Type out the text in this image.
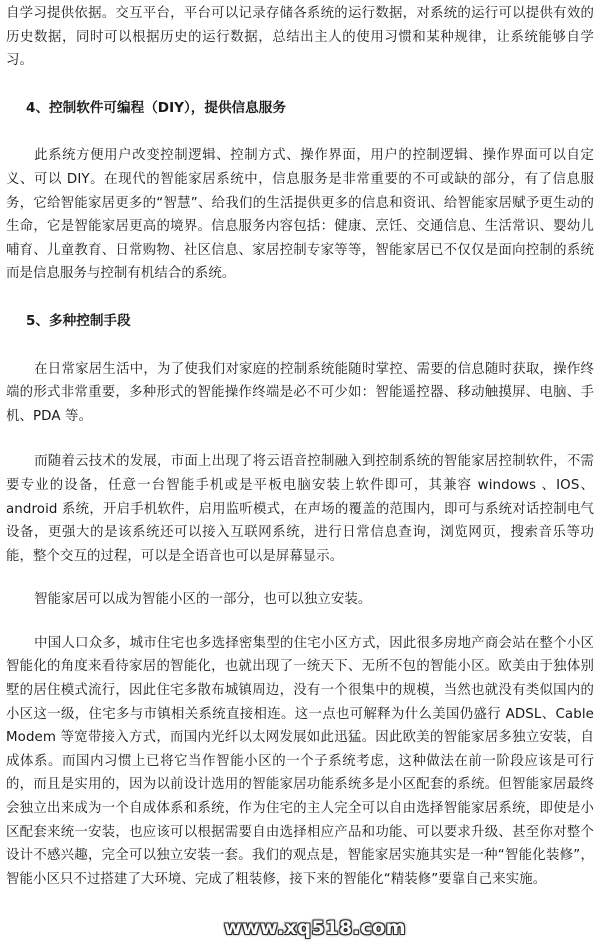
自学习提供依据。交互平台，平台可以记录存储各系统的运行数据，对系统的运行可以提供有效的历史数据，同时可以根据历史的运行数据，总结出主人的使用习惯和某种规律，让系统能够自学习。

4、控制软件可编程（DIY），提供信息服务

此系统方便用户改变控制逻辑、控制方式、操作界面，用户的控制逻辑、操作界面可以自定义、可以 DIY。在现代的智能家居系统中，信息服务是非常重要的不可或缺的部分，有了信息服务，它给智能家居更多的“智慧”、给我们的生活提供更多的信息和资讯、给智能家居赋予更生动的生命，它是智能家居更高的境界。信息服务内容包括：健康、烹饪、交通信息、生活常识、婴幼儿哺育、儿童教育、日常购物、社区信息、家居控制专家等等，智能家居已不仅仅是面向控制的系统而是信息服务与控制有机结合的系统。

5、多种控制手段

在日常家居生活中，为了使我们对家庭的控制系统能随时掌控、需要的信息随时获取，操作终端的形式非常重要，多种形式的智能操作终端是必不可少如：智能遥控器、移动触摸屏、电脑、手机、PDA 等。

而随着云技术的发展，市面上出现了将云语音控制融入到控制系统的智能家居控制软件，不需要专业的设备，任意一台智能手机或是平板电脑安装上软件即可，其兼容 windows 、IOS、 android 系统，开启手机软件，启用监听模式，在声场的覆盖的范围内，即可与系统对话控制电气设备，更强大的是该系统还可以接入互联网系统，进行日常信息查询，浏览网页，搜索音乐等功能，整个交互的过程，可以是全语音也可以是屏幕显示。

智能家居可以成为智能小区的一部分，也可以独立安装。

中国人口众多，城市住宅也多选择密集型的住宅小区方式，因此很多房地产商会站在整个小区智能化的角度来看待家居的智能化，也就出现了一统天下、无所不包的智能小区。欧美由于独体别墅的居住模式流行，因此住宅多散布城镇周边，没有一个很集中的规模，当然也就没有类似国内的小区这一级，住宅多与市镇相关系统直接相连。这一点也可解释为什么美国仍盛行 ADSL、Cable Modem 等宽带接入方式，而国内光纤以太网发展如此迅猛。因此欧美的智能家居多独立安装，自成体系。而国内习惯上已将它当作智能小区的一个子系统考虑，这种做法在前一阶段应该是可行的，而且是实用的，因为以前设计选用的智能家居功能系统多是小区配套的系统。但智能家居最终会独立出来成为一个自成体系和系统，作为住宅的主人完全可以自由选择智能家居系统，即使是小区配套来统一安装，也应该可以根据需要自由选择相应产品和功能、可以要求升级、甚至你对整个设计不感兴趣，完全可以独立安装一套。我们的观点是，智能家居实施其实是一种“智能化装修”，智能小区只不过搭建了大环境、完成了粗装修，接下来的智能化“精装修”要靠自己来实施。

www.xq518.com
